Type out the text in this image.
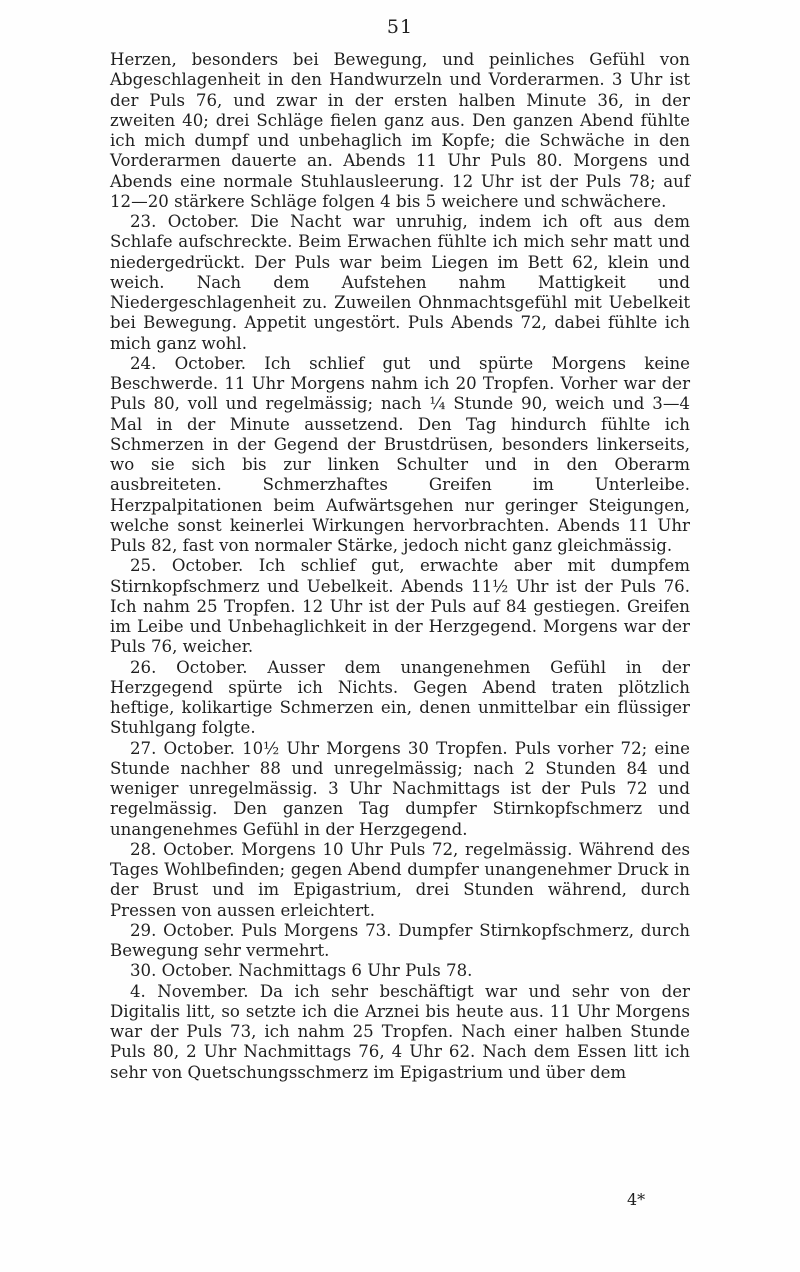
51

Herzen, besonders bei Bewegung, und peinliches Gefühl von Abgeschlagenheit in den Handwurzeln und Vorderarmen. 3 Uhr ist der Puls 76, und zwar in der ersten halben Minute 36, in der zweiten 40; drei Schläge fielen ganz aus. Den ganzen Abend fühlte ich mich dumpf und unbehaglich im Kopfe; die Schwäche in den Vorderarmen dauerte an. Abends 11 Uhr Puls 80. Morgens und Abends eine normale Stuhlausleerung. 12 Uhr ist der Puls 78; auf 12—20 stärkere Schläge folgen 4 bis 5 weichere und schwächere.

23. October. Die Nacht war unruhig, indem ich oft aus dem Schlafe aufschreckte. Beim Erwachen fühlte ich mich sehr matt und niedergedrückt. Der Puls war beim Liegen im Bett 62, klein und weich. Nach dem Aufstehen nahm Mattigkeit und Niedergeschlagenheit zu. Zuweilen Ohnmachtsgefühl mit Uebelkeit bei Bewegung. Appetit ungestört. Puls Abends 72, dabei fühlte ich mich ganz wohl.

24. October. Ich schlief gut und spürte Morgens keine Beschwerde. 11 Uhr Morgens nahm ich 20 Tropfen. Vorher war der Puls 80, voll und regelmässig; nach ¼ Stunde 90, weich und 3—4 Mal in der Minute aussetzend. Den Tag hindurch fühlte ich Schmerzen in der Gegend der Brustdrüsen, besonders linkerseits, wo sie sich bis zur linken Schulter und in den Oberarm ausbreiteten. Schmerzhaftes Greifen im Unterleibe. Herzpalpitationen beim Aufwärtsgehen nur geringer Steigungen, welche sonst keinerlei Wirkungen hervorbrachten. Abends 11 Uhr Puls 82, fast von normaler Stärke, jedoch nicht ganz gleichmässig.

25. October. Ich schlief gut, erwachte aber mit dumpfem Stirnkopfschmerz und Uebelkeit. Abends 11½ Uhr ist der Puls 76. Ich nahm 25 Tropfen. 12 Uhr ist der Puls auf 84 gestiegen. Greifen im Leibe und Unbehaglichkeit in der Herzgegend. Morgens war der Puls 76, weicher.

26. October. Ausser dem unangenehmen Gefühl in der Herzgegend spürte ich Nichts. Gegen Abend traten plötzlich heftige, kolikartige Schmerzen ein, denen unmittelbar ein flüssiger Stuhlgang folgte.

27. October. 10½ Uhr Morgens 30 Tropfen. Puls vorher 72; eine Stunde nachher 88 und unregelmässig; nach 2 Stunden 84 und weniger unregelmässig. 3 Uhr Nachmittags ist der Puls 72 und regelmässig. Den ganzen Tag dumpfer Stirnkopfschmerz und unangenehmes Gefühl in der Herzgegend.

28. October. Morgens 10 Uhr Puls 72, regelmässig. Während des Tages Wohlbefinden; gegen Abend dumpfer unangenehmer Druck in der Brust und im Epigastrium, drei Stunden während, durch Pressen von aussen erleichtert.

29. October. Puls Morgens 73. Dumpfer Stirnkopfschmerz, durch Bewegung sehr vermehrt.

30. October. Nachmittags 6 Uhr Puls 78.

4. November. Da ich sehr beschäftigt war und sehr von der Digitalis litt, so setzte ich die Arznei bis heute aus. 11 Uhr Morgens war der Puls 73, ich nahm 25 Tropfen. Nach einer halben Stunde Puls 80, 2 Uhr Nachmittags 76, 4 Uhr 62. Nach dem Essen litt ich sehr von Quetschungsschmerz im Epigastrium und über dem

4*
